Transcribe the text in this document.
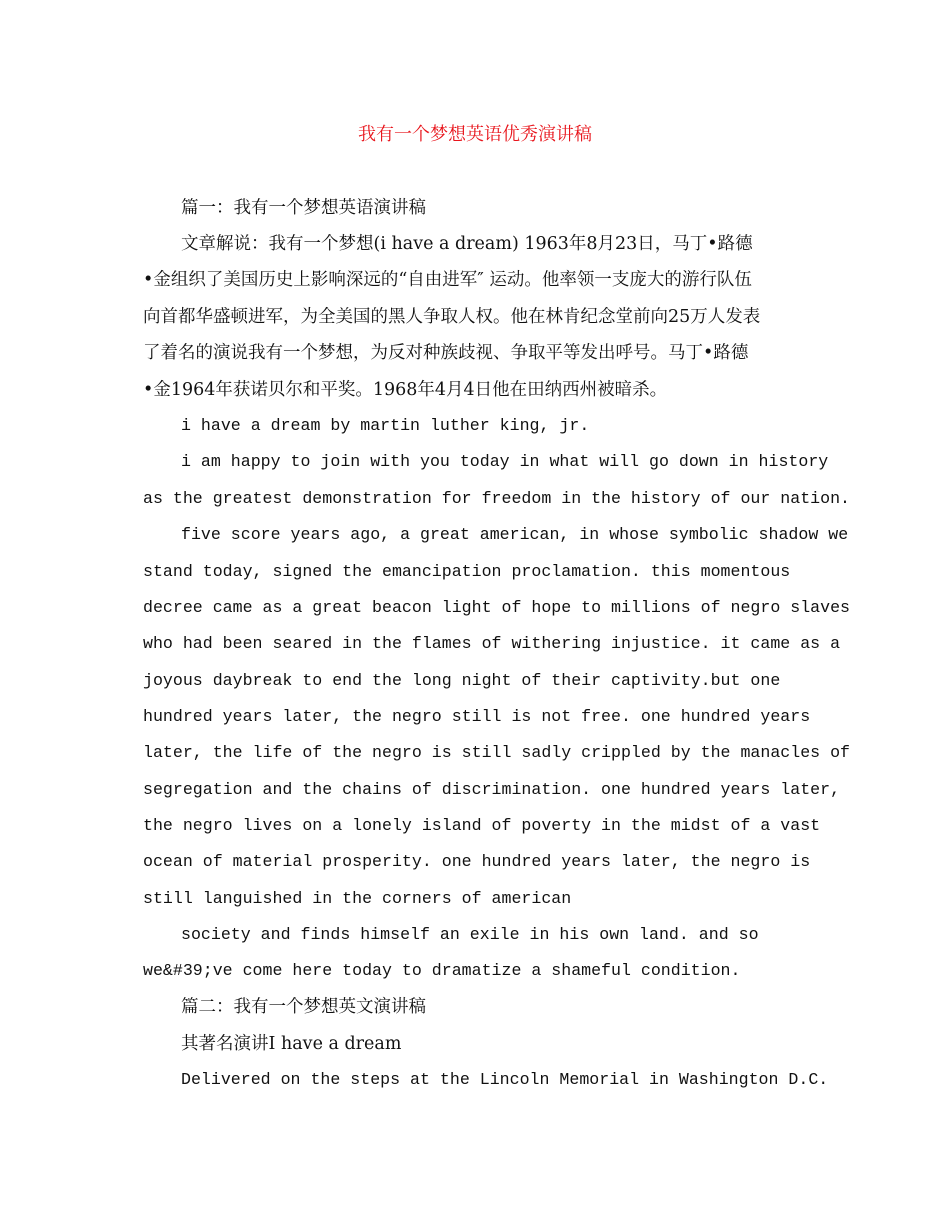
我有一个梦想英语优秀演讲稿
篇一：我有一个梦想英语演讲稿
文章解说：我有一个梦想(i have a dream) 1963年8月23日，马丁•路德
•金组织了美国历史上影响深远的“自由进军″ 运动。他率领一支庞大的游行队伍
向首都华盛顿进军，为全美国的黑人争取人权。他在林肯纪念堂前向25万人发表
了着名的演说我有一个梦想，为反对种族歧视、争取平等发出呼号。马丁•路德
•金1964年获诺贝尔和平奖。1968年4月4日他在田纳西州被暗杀。
i have a dream by martin luther king, jr.
i am happy to join with you today in what will go down in history
as the greatest demonstration for freedom in the history of our nation.
five score years ago, a great american, in whose symbolic shadow we
stand today, signed the emancipation proclamation. this momentous
decree came as a great beacon light of hope to millions of negro slaves
who had been seared in the flames of withering injustice. it came as a
joyous daybreak to end the long night of their captivity.but one
hundred years later, the negro still is not free. one hundred years
later, the life of the negro is still sadly crippled by the manacles of
segregation and the chains of discrimination. one hundred years later,
the negro lives on a lonely island of poverty in the midst of a vast
ocean of material prosperity. one hundred years later, the negro is
still languished in the corners of american
society and finds himself an exile in his own land. and so
we&#39;ve come here today to dramatize a shameful condition.
篇二：我有一个梦想英文演讲稿
其著名演讲I have a dream
Delivered on the steps at the Lincoln Memorial in Washington D.C.
